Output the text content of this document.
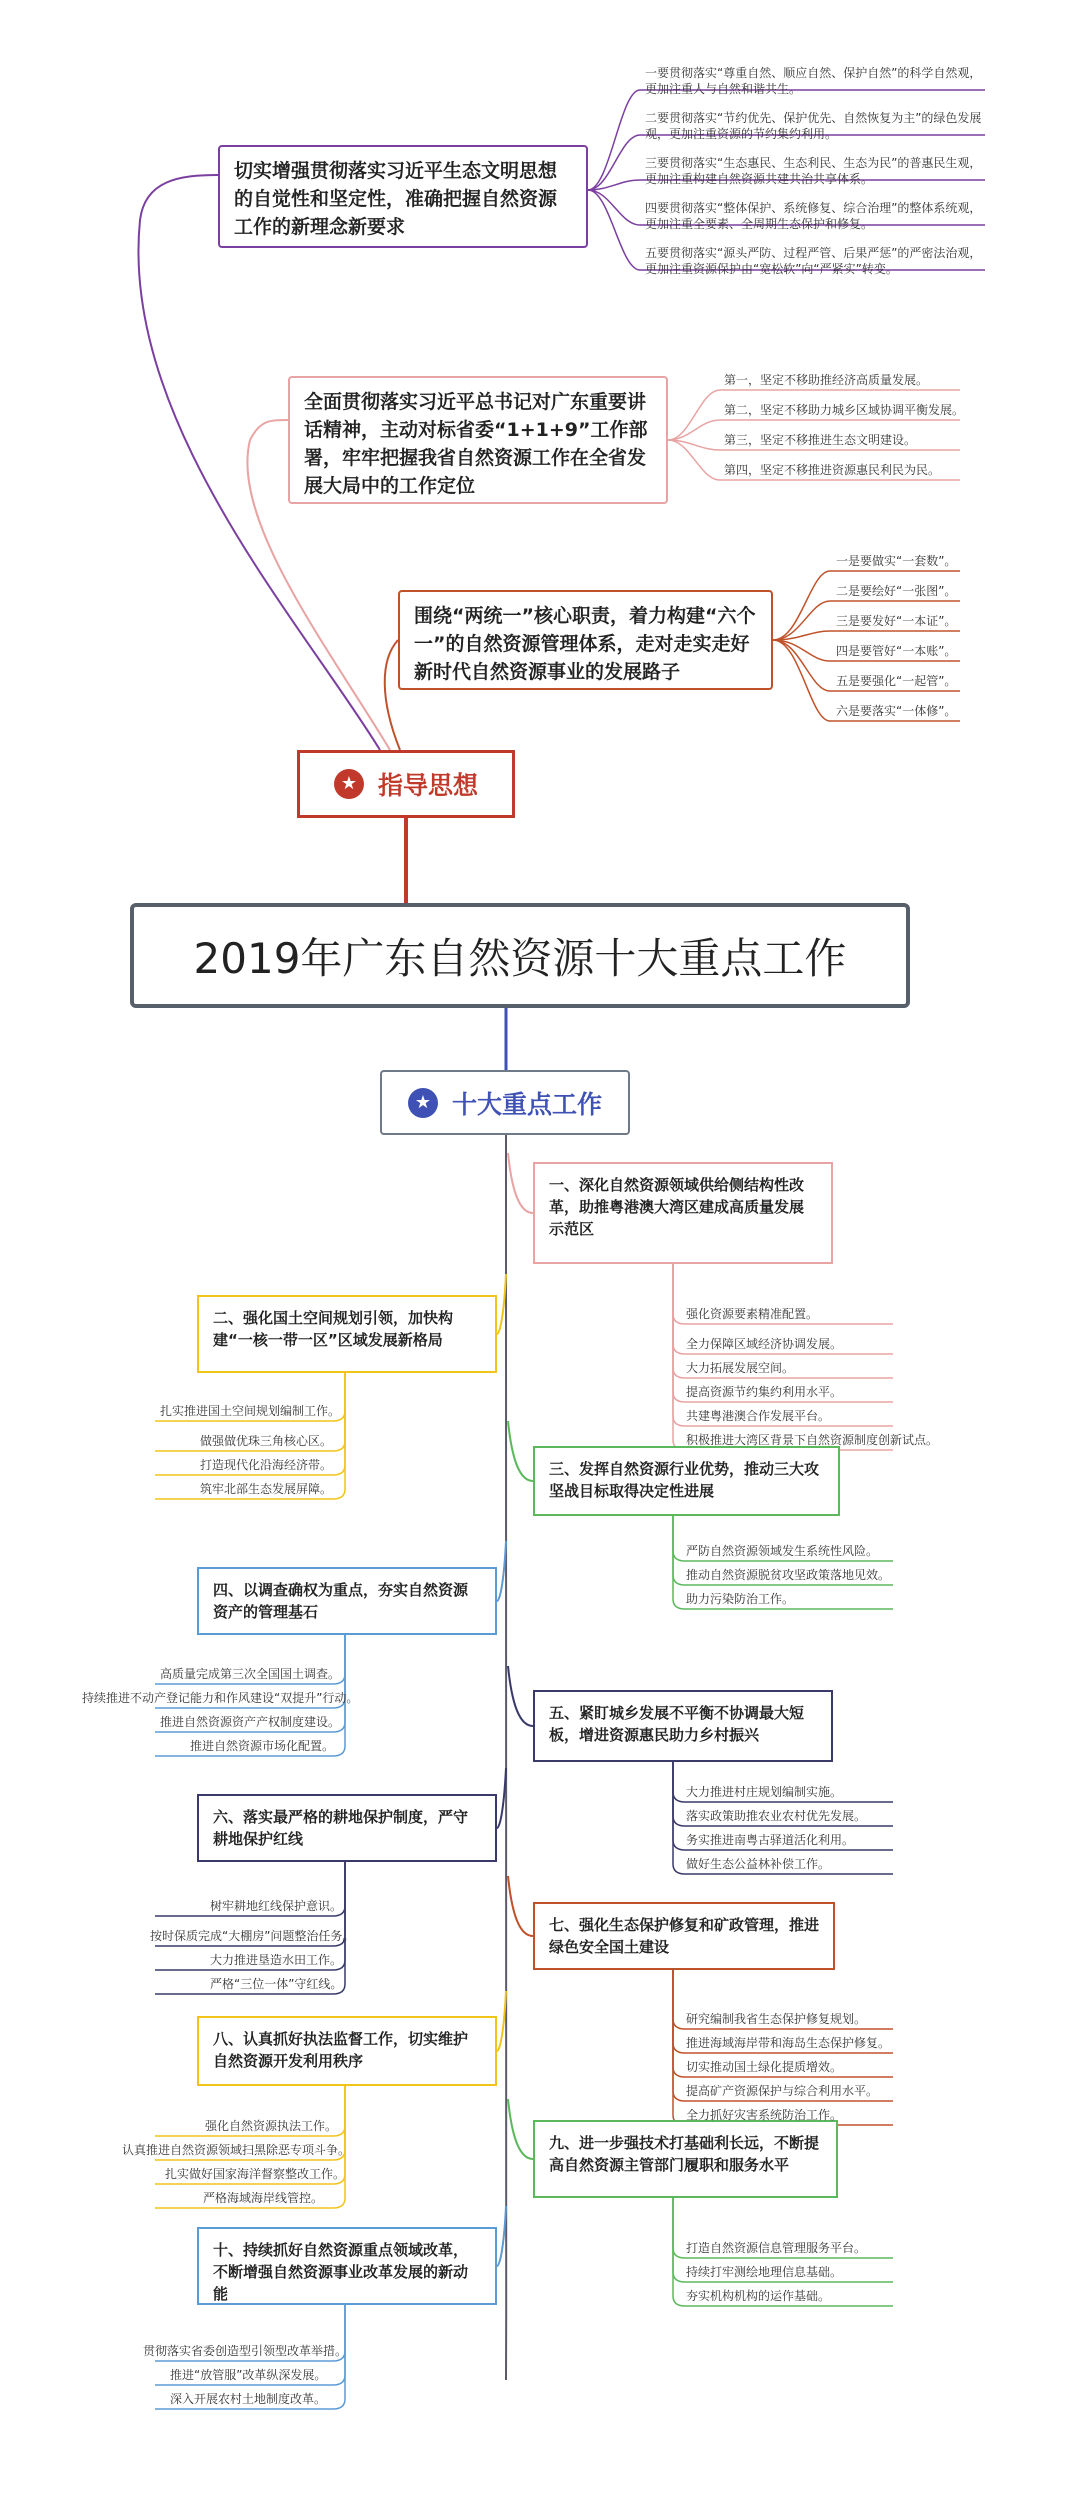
切实增强贯彻落实习近平生态文明思想的自觉性和坚定性，准确把握自然资源工作的新理念新要求
全面贯彻落实习近平总书记对广东重要讲话精神，主动对标省委“1+1+9”工作部署，牢牢把握我省自然资源工作在全省发展大局中的工作定位
围绕“两统一”核心职责，着力构建“六个一”的自然资源管理体系，走对走实走好新时代自然资源事业的发展路子
一要贯彻落实“尊重自然、顺应自然、保护自然”的科学自然观，更加注重人与自然和谐共生。
二要贯彻落实“节约优先、保护优先、自然恢复为主”的绿色发展观，更加注重资源的节约集约利用。
三要贯彻落实“生态惠民、生态利民、生态为民”的普惠民生观，更加注重构建自然资源共建共治共享体系。
四要贯彻落实“整体保护、系统修复、综合治理”的整体系统观，更加注重全要素、全周期生态保护和修复。
五要贯彻落实“源头严防、过程严管、后果严惩”的严密法治观，更加注重资源保护由“宽松软”向“严紧实”转变。
第一，坚定不移助推经济高质量发展。
第二，坚定不移助力城乡区域协调平衡发展。
第三，坚定不移推进生态文明建设。
第四，坚定不移推进资源惠民利民为民。
一是要做实“一套数”。
二是要绘好“一张图”。
三是要发好“一本证”。
四是要管好“一本账”。
五是要强化“一起管”。
六是要落实“一体修”。
★ 指导思想
2019年广东自然资源十大重点工作
★ 十大重点工作
一、深化自然资源领域供给侧结构性改革，助推粤港澳大湾区建成高质量发展示范区
二、强化国土空间规划引领，加快构建“一核一带一区”区域发展新格局
三、发挥自然资源行业优势，推动三大攻坚战目标取得决定性进展
四、以调查确权为重点，夯实自然资源资产的管理基石
五、紧盯城乡发展不平衡不协调最大短板，增进资源惠民助力乡村振兴
六、落实最严格的耕地保护制度，严守耕地保护红线
七、强化生态保护修复和矿政管理，推进绿色安全国土建设
八、认真抓好执法监督工作，切实维护自然资源开发利用秩序
九、进一步强技术打基础利长远，不断提高自然资源主管部门履职和服务水平
十、持续抓好自然资源重点领域改革，不断增强自然资源事业改革发展的新动能
强化资源要素精准配置。
全力保障区域经济协调发展。
大力拓展发展空间。
提高资源节约集约利用水平。
共建粤港澳合作发展平台。
积极推进大湾区背景下自然资源制度创新试点。
扎实推进国土空间规划编制工作。
做强做优珠三角核心区。
打造现代化沿海经济带。
筑牢北部生态发展屏障。
严防自然资源领域发生系统性风险。
推动自然资源脱贫攻坚政策落地见效。
助力污染防治工作。
高质量完成第三次全国国土调查。
持续推进不动产登记能力和作风建设“双提升”行动。
推进自然资源资产产权制度建设。
推进自然资源市场化配置。
大力推进村庄规划编制实施。
落实政策助推农业农村优先发展。
务实推进南粤古驿道活化利用。
做好生态公益林补偿工作。
树牢耕地红线保护意识。
按时保质完成“大棚房”问题整治任务。
大力推进垦造水田工作。
严格“三位一体”守红线。
研究编制我省生态保护修复规划。
推进海域海岸带和海岛生态保护修复。
切实推动国土绿化提质增效。
提高矿产资源保护与综合利用水平。
全力抓好灾害系统防治工作。
强化自然资源执法工作。
认真推进自然资源领域扫黑除恶专项斗争。
扎实做好国家海洋督察整改工作。
严格海域海岸线管控。
打造自然资源信息管理服务平台。
持续打牢测绘地理信息基础。
夯实机构机构的运作基础。
贯彻落实省委创造型引领型改革举措。
推进“放管服”改革纵深发展。
深入开展农村土地制度改革。
